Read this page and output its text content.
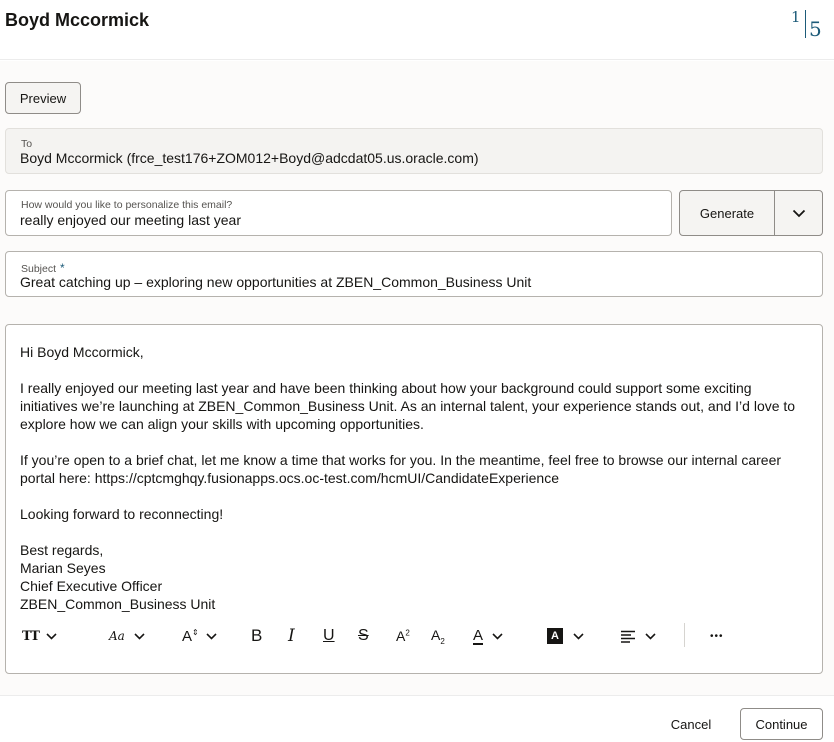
Boyd Mccormick	1 5
Preview
To
Boyd Mccormick (frce_test176+ZOM012+Boyd@adcdat05.us.oracle.com)
How would you like to personalize this email?
really enjoyed our meeting last year	Generate
Subject *
Great catching up – exploring new opportunities at ZBEN_Common_Business Unit

Hi Boyd Mccormick,

I really enjoyed our meeting last year and have been thinking about how your background could support some exciting initiatives we’re launching at ZBEN_Common_Business Unit. As an internal talent, your experience stands out, and I’d love to explore how we can align your skills with upcoming opportunities.

If you’re open to a brief chat, let me know a time that works for you. In the meantime, feel free to browse our internal career portal here: https://cptcmghqy.fusionapps.ocs.oc-test.com/hcmUI/CandidateExperience

Looking forward to reconnecting!

Best regards,
Marian Seyes
Chief Executive Officer
ZBEN_Common_Business Unit
TT	Aa	A ⇕	B I U S $A^2$ $A_2$ A	A	•••
Cancel	Continue
